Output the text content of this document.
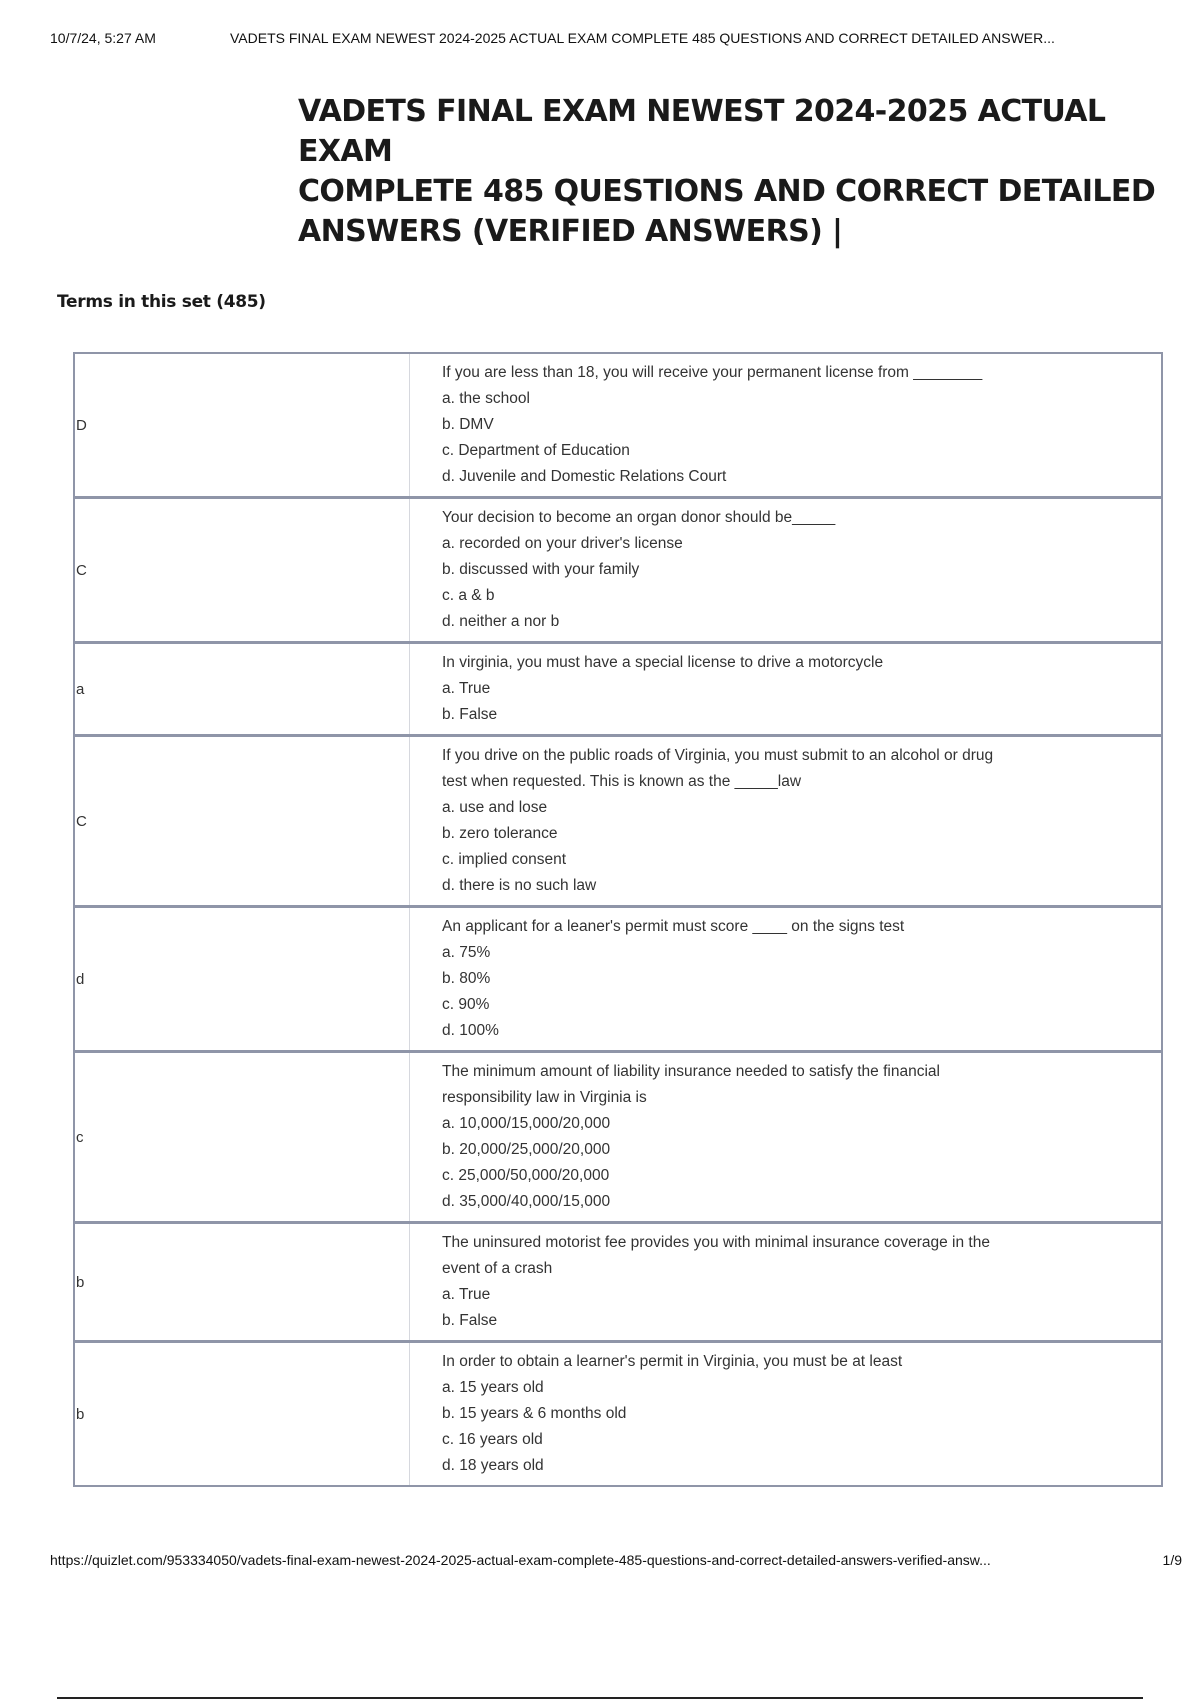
10/7/24, 5:27 AM	VADETS FINAL EXAM NEWEST 2024-2025 ACTUAL EXAM COMPLETE 485 QUESTIONS AND CORRECT DETAILED ANSWER...
VADETS FINAL EXAM NEWEST 2024-2025 ACTUAL EXAM
COMPLETE 485 QUESTIONS AND CORRECT DETAILED
ANSWERS (VERIFIED ANSWERS) |
Terms in this set (485)
D
If you are less than 18, you will receive your permanent license from ________
a. the school
b. DMV
c. Department of Education
d. Juvenile and Domestic Relations Court
C
Your decision to become an organ donor should be_____
a. recorded on your driver's license
b. discussed with your family
c. a & b
d. neither a nor b
a
In virginia, you must have a special license to drive a motorcycle
a. True
b. False
C
If you drive on the public roads of Virginia, you must submit to an alcohol or drug
test when requested. This is known as the _____law
a. use and lose
b. zero tolerance
c. implied consent
d. there is no such law
d
An applicant for a leaner's permit must score ____ on the signs test
a. 75%
b. 80%
c. 90%
d. 100%
c
The minimum amount of liability insurance needed to satisfy the financial
responsibility law in Virginia is
a. 10,000/15,000/20,000
b. 20,000/25,000/20,000
c. 25,000/50,000/20,000
d. 35,000/40,000/15,000
b
The uninsured motorist fee provides you with minimal insurance coverage in the
event of a crash
a. True
b. False
b
In order to obtain a learner's permit in Virginia, you must be at least
a. 15 years old
b. 15 years & 6 months old
c. 16 years old
d. 18 years old
https://quizlet.com/953334050/vadets-final-exam-newest-2024-2025-actual-exam-complete-485-questions-and-correct-detailed-answers-verified-answ...	1/9
